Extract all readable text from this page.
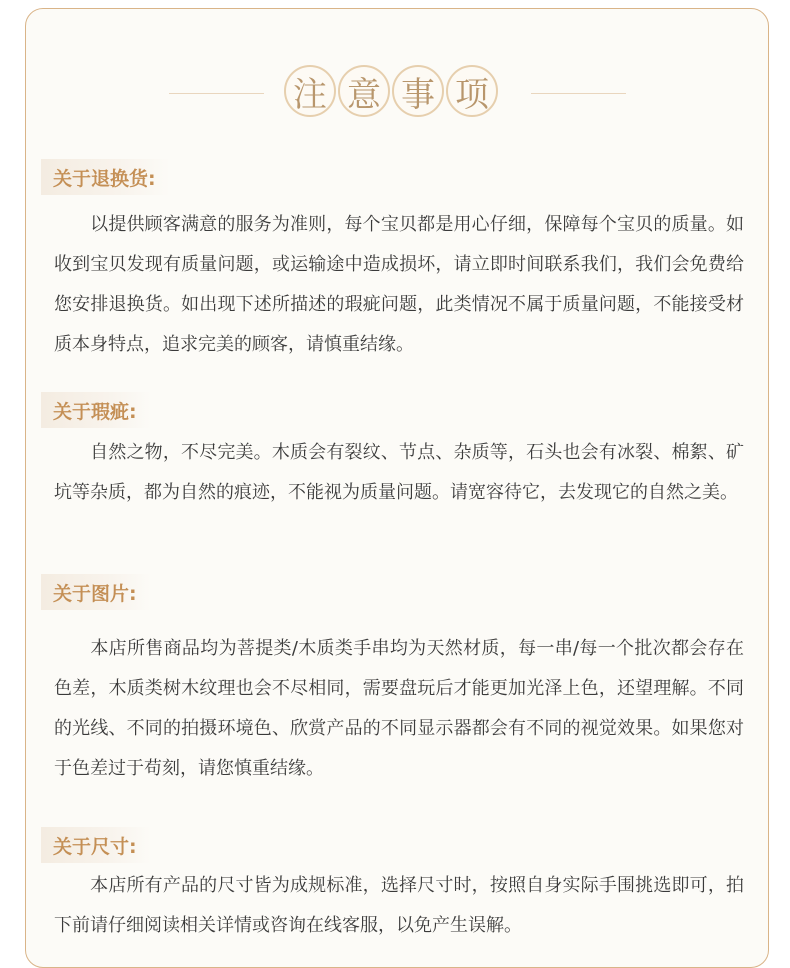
注 意 事 项
关于退换货:
以提供顾客满意的服务为准则，每个宝贝都是用心仔细，保障每个宝贝的质量。如收到宝贝发现有质量问题，或运输途中造成损坏，请立即时间联系我们，我们会免费给您安排退换货。如出现下述所描述的瑕疵问题，此类情况不属于质量问题，不能接受材质本身特点，追求完美的顾客，请慎重结缘。
关于瑕疵:
自然之物，不尽完美。木质会有裂纹、节点、杂质等，石头也会有冰裂、棉絮、矿坑等杂质，都为自然的痕迹，不能视为质量问题。请宽容待它，去发现它的自然之美。
关于图片:
本店所售商品均为菩提类/木质类手串均为天然材质，每一串/每一个批次都会存在色差，木质类树木纹理也会不尽相同，需要盘玩后才能更加光泽上色，还望理解。不同的光线、不同的拍摄环境色、欣赏产品的不同显示器都会有不同的视觉效果。如果您对于色差过于苟刻，请您慎重结缘。
关于尺寸:
本店所有产品的尺寸皆为成规标准，选择尺寸时，按照自身实际手围挑选即可，拍下前请仔细阅读相关详情或咨询在线客服，以免产生误解。
